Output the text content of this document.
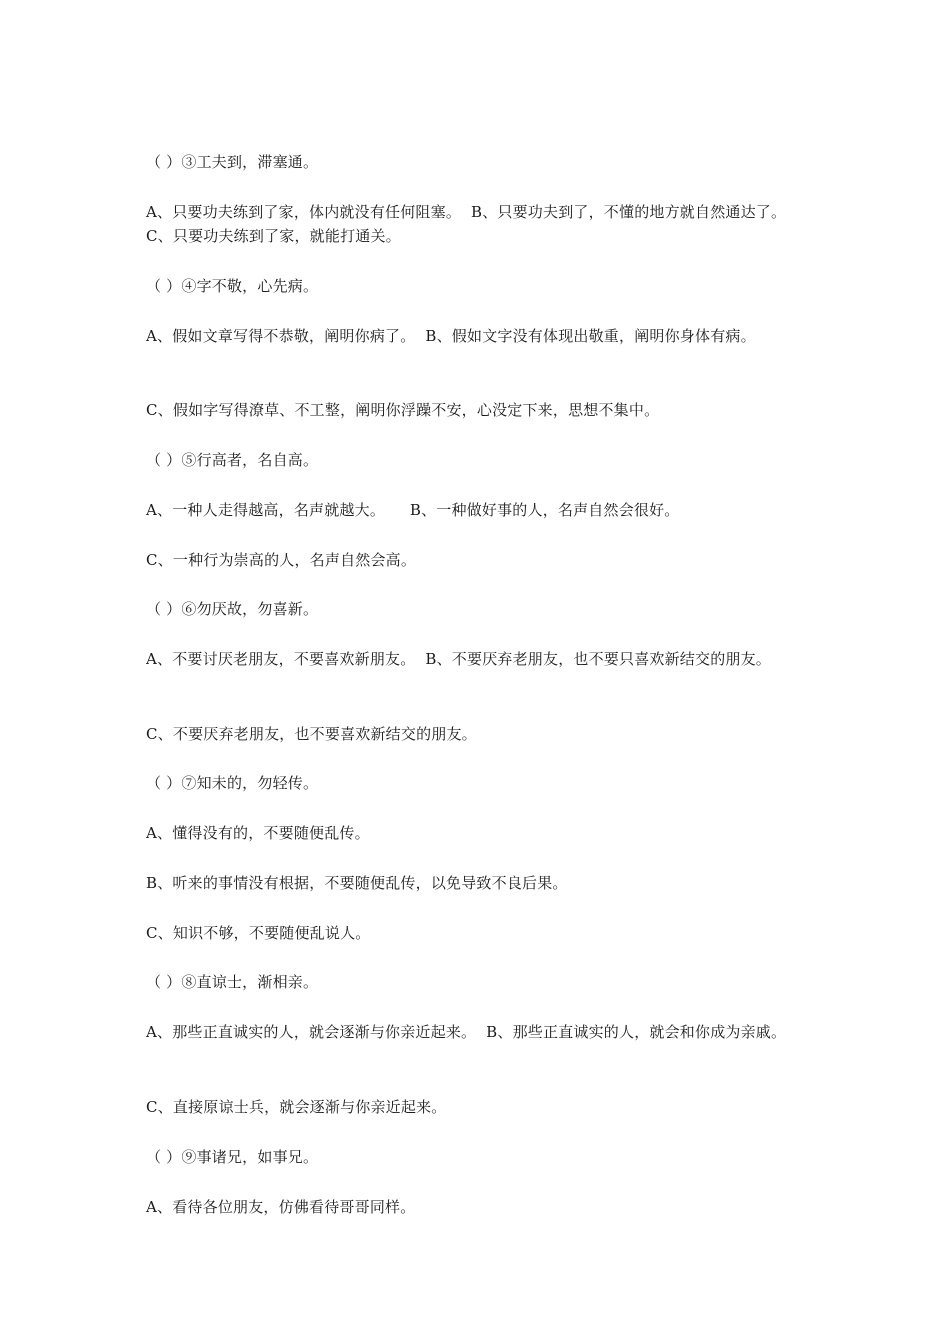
（ ）③工夫到，滞塞通。
A、只要功夫练到了家，体内就没有任何阻塞。  B、只要功夫到了，不懂的地方就自然通达了。C、只要功夫练到了家，就能打通关。
（ ）④字不敬，心先病。
A、假如文章写得不恭敬，阐明你病了。  B、假如文字没有体现出敬重，阐明你身体有病。
C、假如字写得潦草、不工整，阐明你浮躁不安，心没定下来，思想不集中。
（ ）⑤行高者，名自高。
A、一种人走得越高，名声就越大。     B、一种做好事的人，名声自然会很好。
C、一种行为崇高的人，名声自然会高。
（ ）⑥勿厌故，勿喜新。
A、不要讨厌老朋友，不要喜欢新朋友。  B、不要厌弃老朋友，也不要只喜欢新结交的朋友。
C、不要厌弃老朋友，也不要喜欢新结交的朋友。
（ ）⑦知未的，勿轻传。
A、懂得没有的，不要随便乱传。
B、听来的事情没有根据，不要随便乱传，以免导致不良后果。
C、知识不够，不要随便乱说人。
（ ）⑧直谅士，渐相亲。
A、那些正直诚实的人，就会逐渐与你亲近起来。  B、那些正直诚实的人，就会和你成为亲戚。
C、直接原谅士兵，就会逐渐与你亲近起来。
（ ）⑨事诸兄，如事兄。
A、看待各位朋友，仿佛看待哥哥同样。
